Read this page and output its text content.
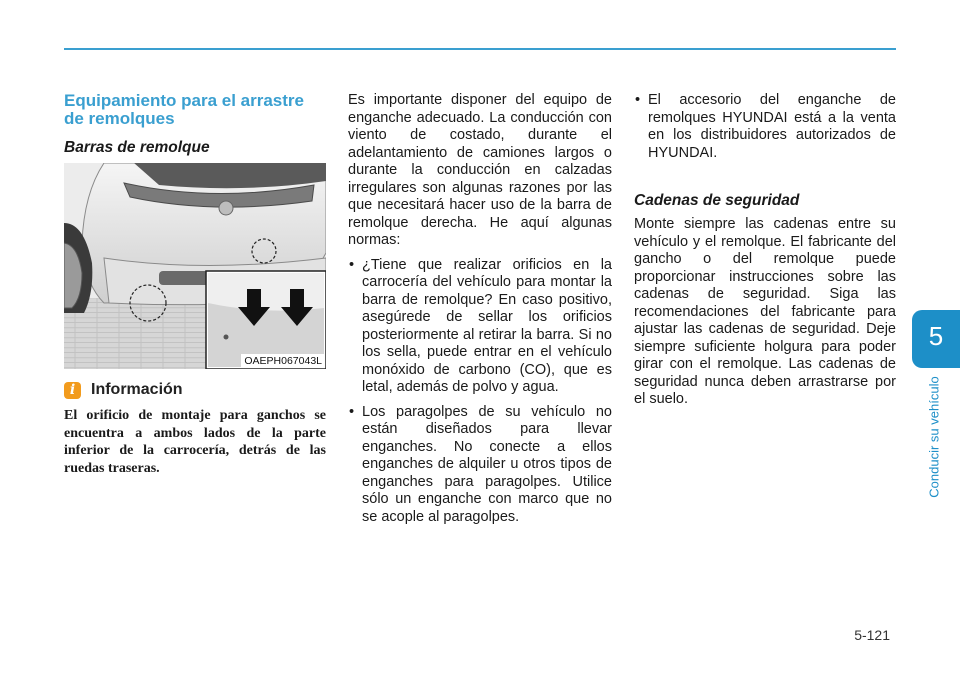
5
Conducir su vehículo
Equipamiento para el arrastre de remolques
Barras de remolque
OAEPH067043L
i Información
El orificio de montaje para ganchos se encuentra a ambos lados de la parte inferior de la carrocería, detrás de las ruedas traseras.

Es importante disponer del equipo de enganche adecuado. La conducción con viento de costado, durante el adelantamiento de camiones largos o durante la conducción en calzadas irregulares son algunas razones por las que necesitará hacer uso de la barra de remolque derecha. He aquí algunas normas:

• ¿Tiene que realizar orificios en la carrocería del vehículo para montar la barra de remolque? En caso positivo, asegúrede de sellar los orificios posteriormente al retirar la barra. Si no los sella, puede entrar en el vehículo monóxido de carbono (CO), que es letal, además de polvo y agua.
• Los paragolpes de su vehículo no están diseñados para llevar enganches. No conecte a ellos enganches de alquiler u otros tipos de enganches para paragolpes. Utilice sólo un enganche con marco que no se acople al paragolpes.
• El accesorio del enganche de remolques HYUNDAI está a la venta en los distribuidores autorizados de HYUNDAI.
Cadenas de seguridad

Monte siempre las cadenas entre su vehículo y el remolque. El fabricante del gancho o del remolque puede proporcionar instrucciones sobre las cadenas de seguridad. Siga las recomendaciones del fabricante para ajustar las cadenas de seguridad. Deje siempre suficiente holgura para poder girar con el remolque. Las cadenas de seguridad nunca deben arrastrarse por el suelo.

5-121
